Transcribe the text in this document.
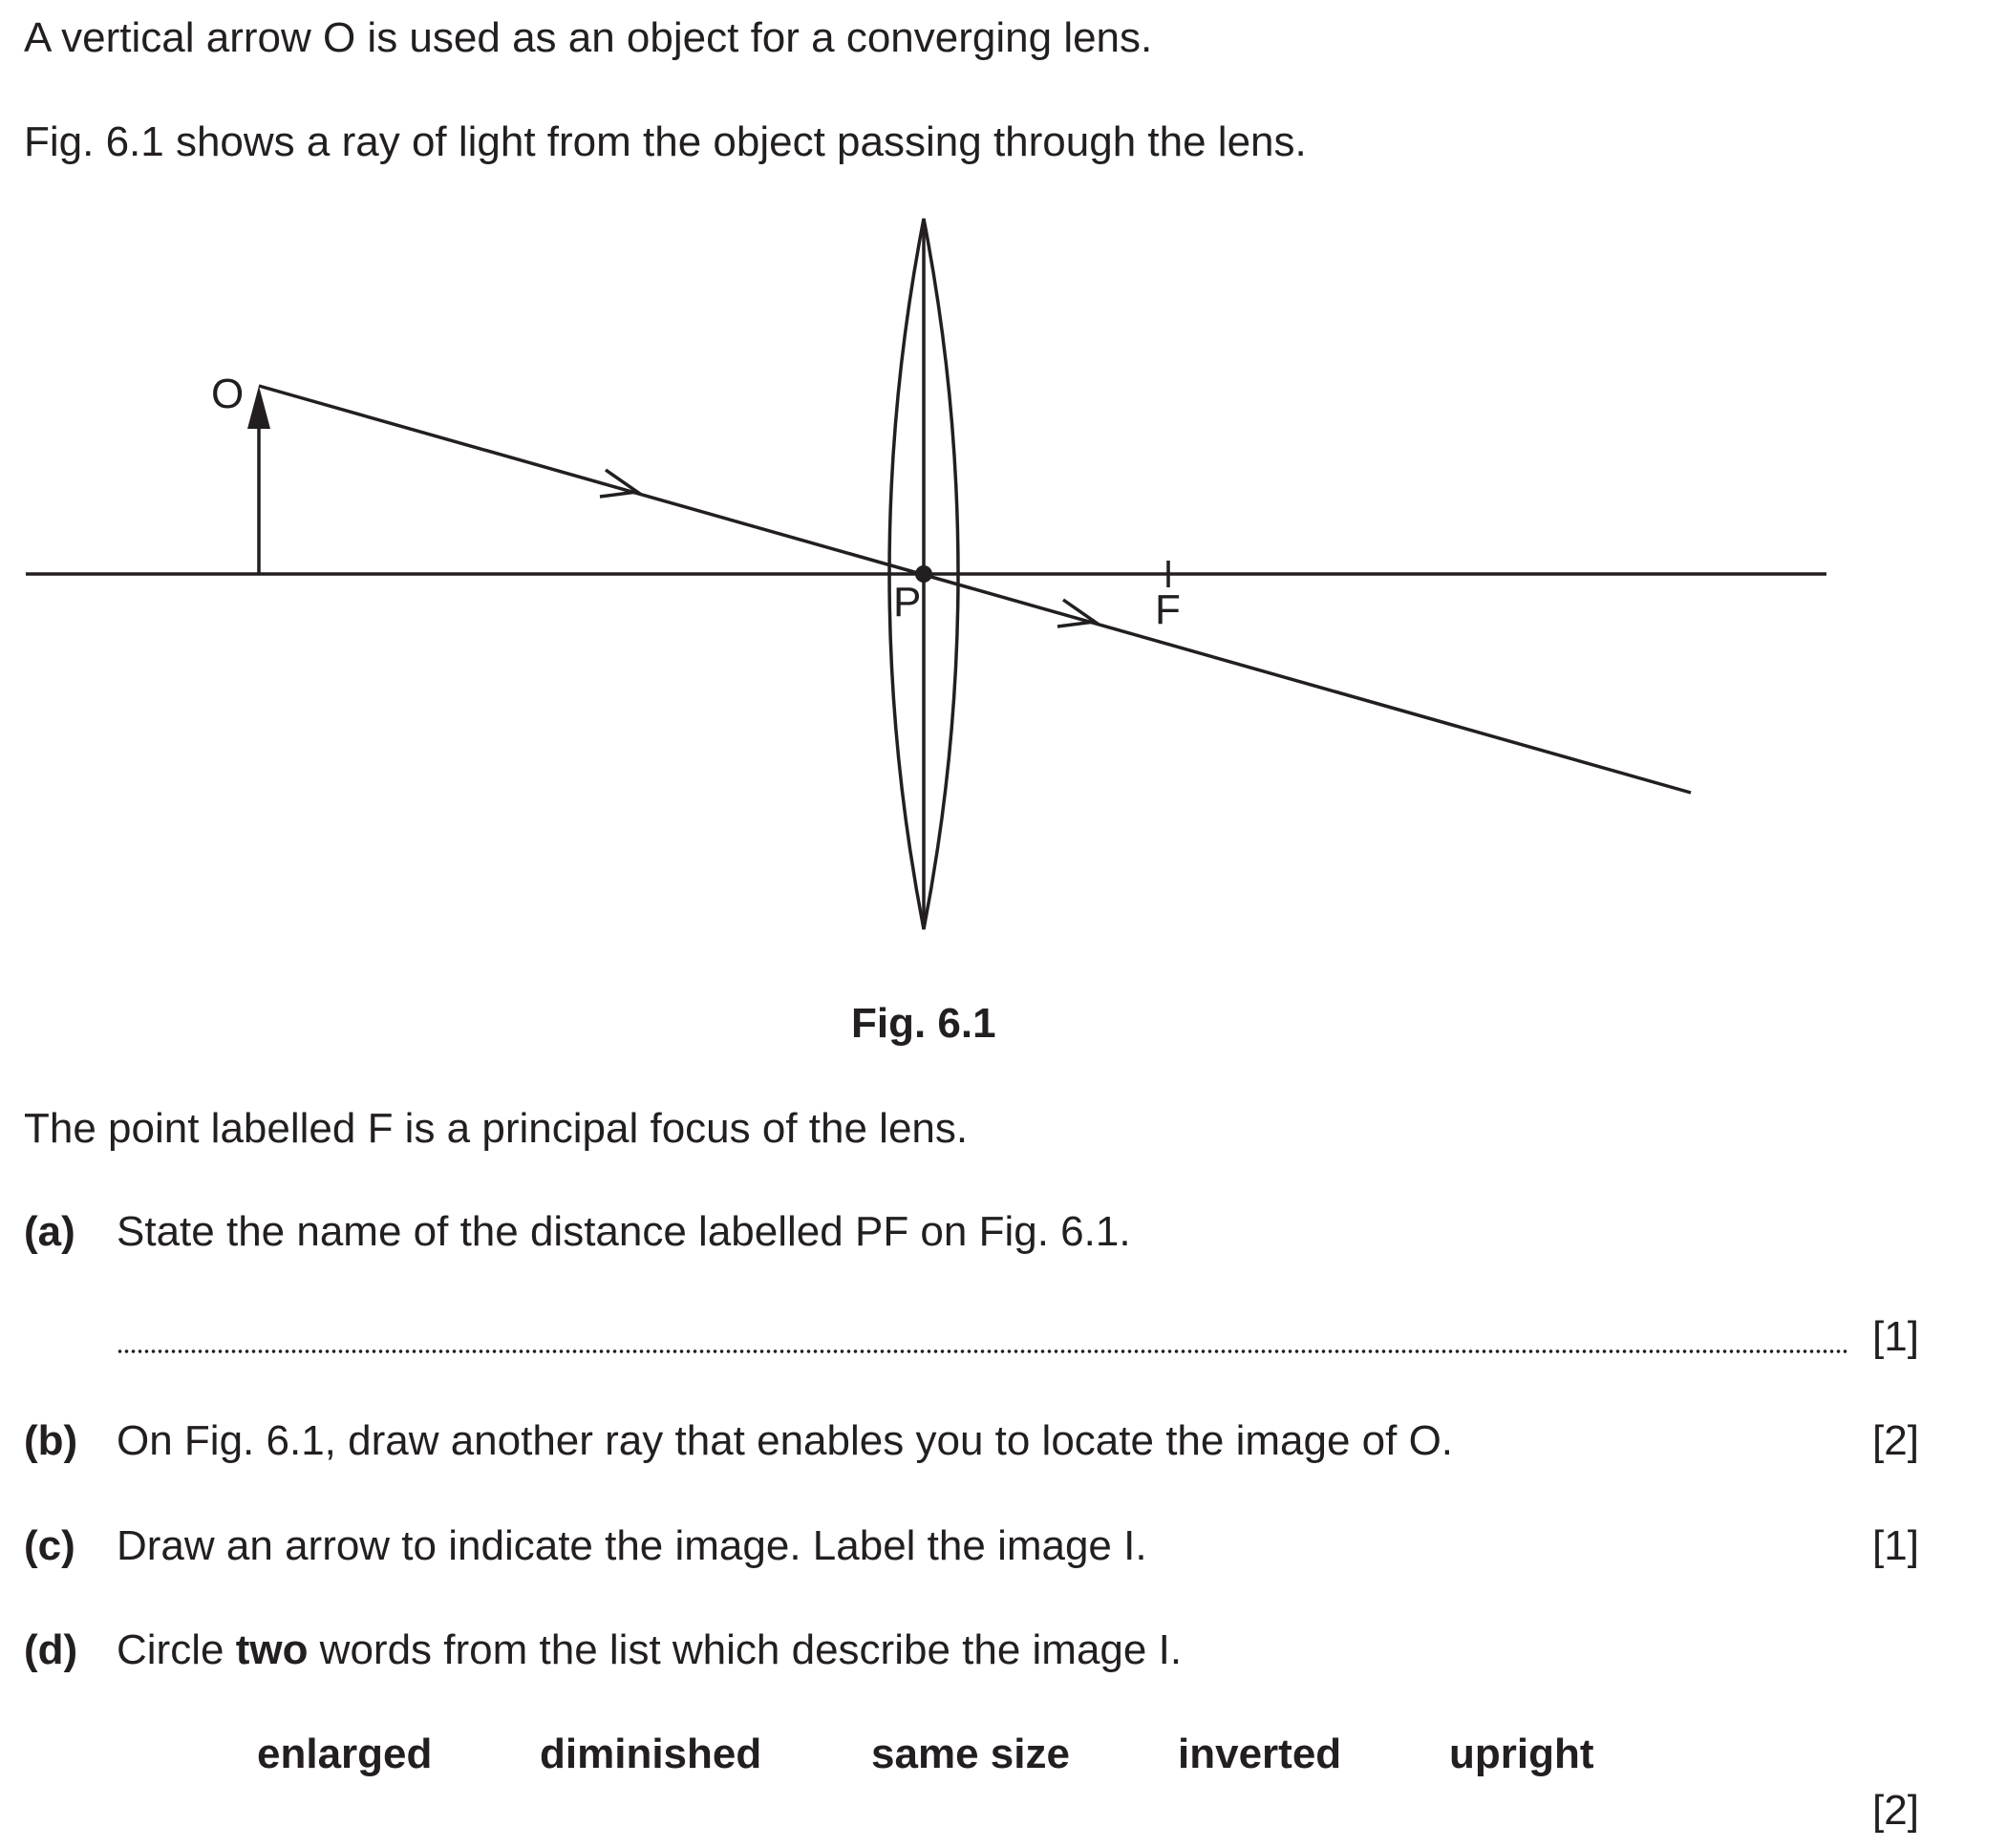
A vertical arrow O is used as an object for a converging lens.
Fig. 6.1 shows a ray of light from the object passing through the lens.
O
P	F
Fig. 6.1
The point labelled F is a principal focus of the lens.
(a) State the name of the distance labelled PF on Fig. 6.1.
[1]
(b) On Fig. 6.1, draw another ray that enables you to locate the image of O.	[2]
(c) Draw an arrow to indicate the image. Label the image I.	[1]
(d) Circle two words from the list which describe the image I.
enlarged	diminished	same size	inverted	upright
[2]
